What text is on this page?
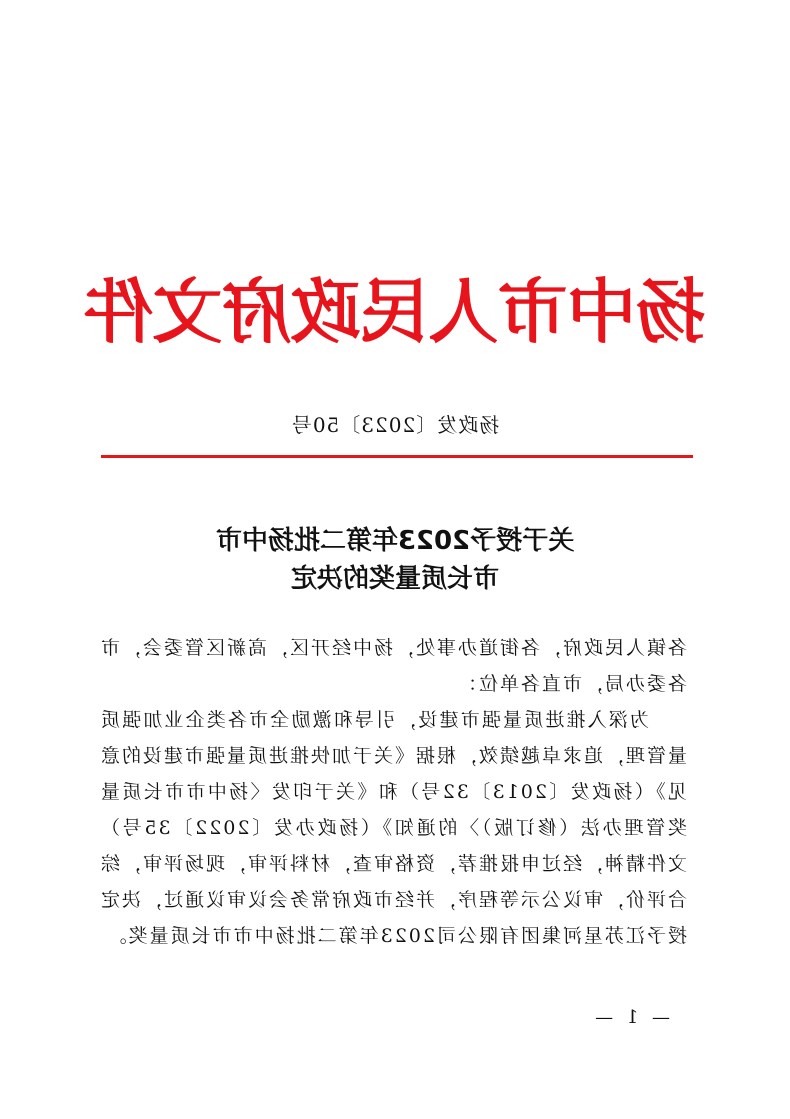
扬中市人民政府文件
扬政发〔2023〕50号
关于授予2023年第二批扬中市
市长质量奖的决定

各镇人民政府，各街道办事处，扬中经开区，高新区管委会，市各委办局，市直各单位：

为深入推进质量强市建设，引导和激励全市各类企业加强质量管理，追求卓越绩效，根据《关于加快推进质量强市建设的意见》（扬政发〔2013〕32号）和《关于印发〈扬中市市长质量奖管理办法（修订版）〉的通知》（扬政办发〔2022〕35号）文件精神，经过申报推荐，资格审查，材料评审，现场评审，综合评价，审议公示等程序，并经市政府常务会议审议通过，决定授予江苏星河集团有限公司2023年第二批扬中市市长质量奖。

— 1 —
